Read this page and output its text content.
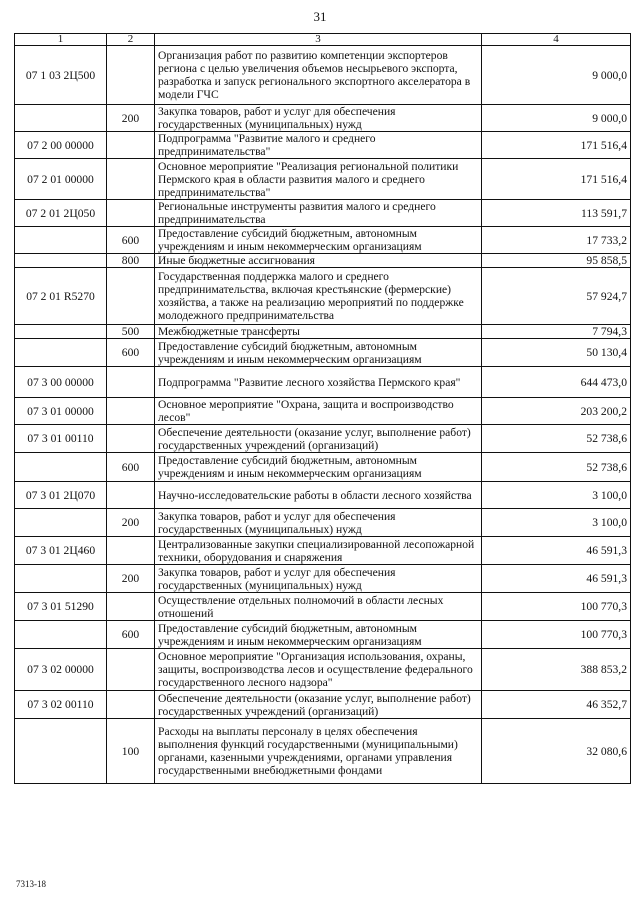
31
1	2	3	4
07 1 03 2Ц500		Организация работ по развитию компетенции экспортеров региона с целью увеличения объемов несырьевого экспорта, разработка и запуск регионального экспортного акселератора в модели ГЧС	9 000,0
	200	Закупка товаров, работ и услуг для обеспечения государственных (муниципальных) нужд	9 000,0
07 2 00 00000		Подпрограмма "Развитие малого и среднего предпринимательства"	171 516,4
07 2 01 00000		Основное мероприятие "Реализация региональной политики Пермского края в области развития малого и среднего предпринимательства"	171 516,4
07 2 01 2Ц050		Региональные инструменты развития малого и среднего предпринимательства	113 591,7
	600	Предоставление субсидий бюджетным, автономным учреждениям и иным некоммерческим организациям	17 733,2
	800	Иные бюджетные ассигнования	95 858,5
07 2 01 R5270		Государственная поддержка малого и среднего предпринимательства, включая крестьянские (фермерские) хозяйства, а также на реализацию мероприятий по поддержке молодежного предпринимательства	57 924,7
	500	Межбюджетные трансферты	7 794,3
	600	Предоставление субсидий бюджетным, автономным учреждениям и иным некоммерческим организациям	50 130,4
07 3 00 00000		Подпрограмма "Развитие лесного хозяйства Пермского края"	644 473,0
07 3 01 00000		Основное мероприятие "Охрана, защита и воспроизводство лесов"	203 200,2
07 3 01 00110		Обеспечение деятельности (оказание услуг, выполнение работ) государственных учреждений (организаций)	52 738,6
	600	Предоставление субсидий бюджетным, автономным учреждениям и иным некоммерческим организациям	52 738,6
07 3 01 2Ц070		Научно-исследовательские работы в области лесного хозяйства	3 100,0
	200	Закупка товаров, работ и услуг для обеспечения государственных (муниципальных) нужд	3 100,0
07 3 01 2Ц460		Централизованные закупки специализированной лесопожарной техники, оборудования и снаряжения	46 591,3
	200	Закупка товаров, работ и услуг для обеспечения государственных (муниципальных) нужд	46 591,3
07 3 01 51290		Осуществление отдельных полномочий в области лесных отношений	100 770,3
	600	Предоставление субсидий бюджетным, автономным учреждениям и иным некоммерческим организациям	100 770,3
07 3 02 00000		Основное мероприятие "Организация использования, охраны, защиты, воспроизводства лесов и осуществление федерального государственного лесного надзора"	388 853,2
07 3 02 00110		Обеспечение деятельности (оказание услуг, выполнение работ) государственных учреждений (организаций)	46 352,7
	100	Расходы на выплаты персоналу в целях обеспечения выполнения функций государственными (муниципальными) органами, казенными учреждениями, органами управления государственными внебюджетными фондами	32 080,6
7313-18
